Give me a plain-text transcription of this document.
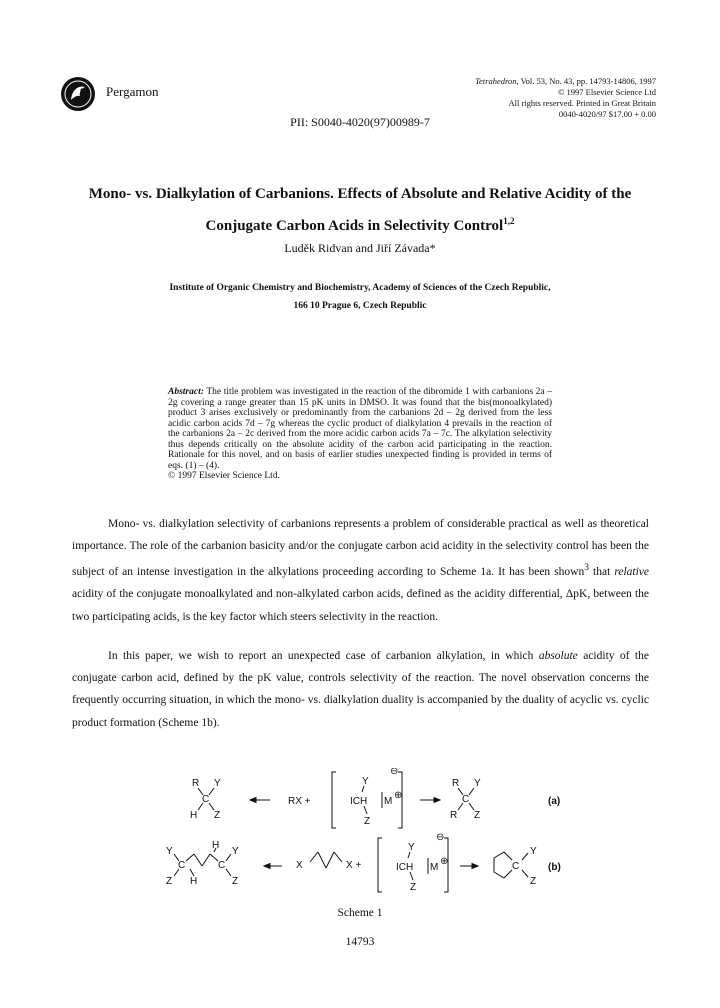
Pergamon
Tetrahedron, Vol. 53, No. 43, pp. 14793-14806, 1997
© 1997 Elsevier Science Ltd
All rights reserved. Printed in Great Britain
0040-4020/97 $17.00 + 0.00
PII: S0040-4020(97)00989-7
Mono- vs. Dialkylation of Carbanions. Effects of Absolute and Relative Acidity of the
Conjugate Carbon Acids in Selectivity Control$^{1,2}$
Luděk Ridvan and Jiří Závada*
Institute of Organic Chemistry and Biochemistry, Academy of Sciences of the Czech Republic,
166 10 Prague 6, Czech Republic
Abstract: The title problem was investigated in the reaction of the dibromide 1 with carbanions 2a – 2g covering a range greater than 15 pK units in DMSO. It was found that the bis(monoalkylated) product 3 arises exclusively or predominantly from the carbanions 2d – 2g derived from the less acidic carbon acids 7d – 7g whereas the cyclic product of dialkylation 4 prevails in the reaction of the carbanions 2a – 2c derived from the more acidic carbon acids 7a – 7c. The alkylation selectivity thus depends critically on the absolute acidity of the carbon acid participating in the reaction. Rationale for this novel, and on basis of earlier studies unexpected finding is provided in terms of eqs. (1) – (4).
© 1997 Elsevier Science Ltd.
Mono- vs. dialkylation selectivity of carbanions represents a problem of considerable practical as well as theoretical importance. The role of the carbanion basicity and/or the conjugate carbon acid acidity in the selectivity control has been the subject of an intense investigation in the alkylations proceeding according to Scheme 1a. It has been shown$^3$ that relative acidity of the conjugate monoalkylated and non-alkylated carbon acids, defined as the acidity differential, ΔpK, between the two participating acids, is the key factor which steers selectivity in the reaction.
In this paper, we wish to report an unexpected case of carbanion alkylation, in which absolute acidity of the conjugate carbon acid, defined by the pK value, controls selectivity of the reaction. The novel observation concerns the frequently occurring situation, in which the mono- vs. dialkylation duality is accompanied by the duality of acyclic vs. cyclic product formation (Scheme 1b).
R Y
C
H Z
RX +
Y
⊖
ICH M
⊕
Z
R Y
C
R Z
(a)
Y
C
Z H
H
C
Y
Z
X	X +
Y
⊖
ICH M
⊕
Z
C
Y
Z
(b)
Scheme 1
14793
